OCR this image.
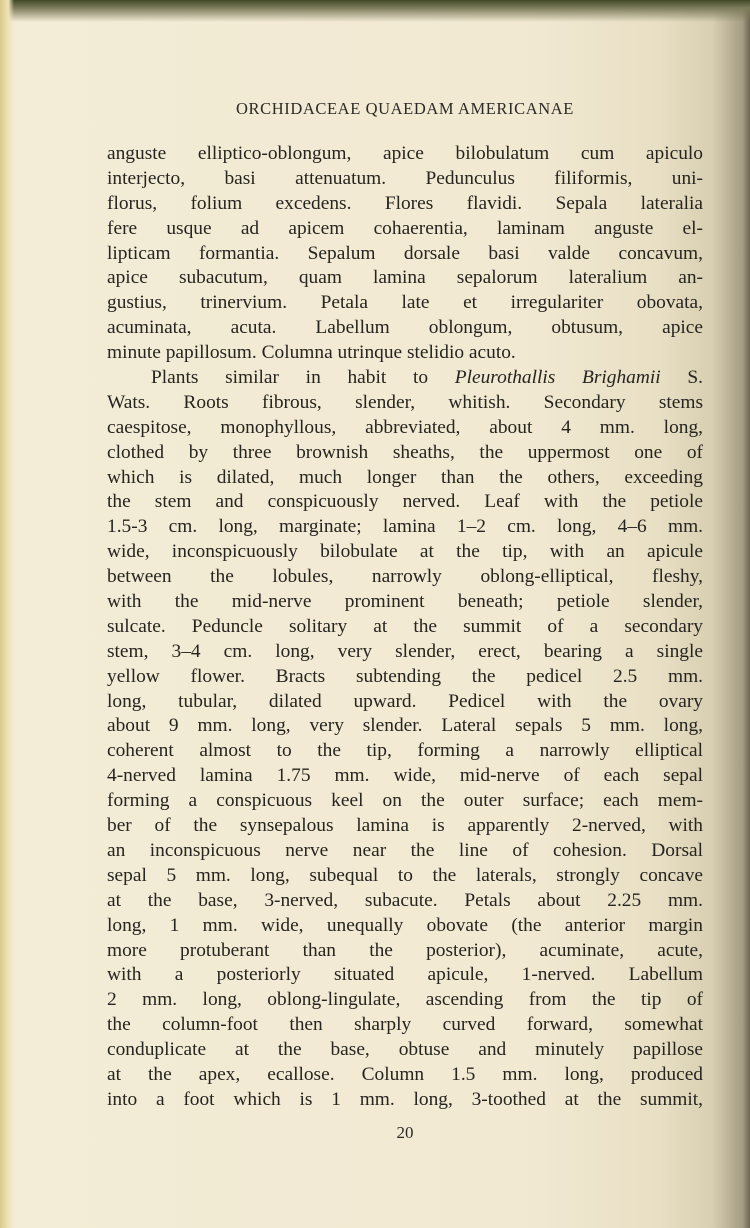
ORCHIDACEAE QUAEDAM AMERICANAE
anguste elliptico-oblongum, apice bilobulatum cum apiculo
interjecto, basi attenuatum. Pedunculus filiformis, uni-
florus, folium excedens. Flores flavidi. Sepala lateralia
fere usque ad apicem cohaerentia, laminam anguste el-
lipticam formantia. Sepalum dorsale basi valde concavum,
apice subacutum, quam lamina sepalorum lateralium an-
gustius, trinervium. Petala late et irregulariter obovata,
acuminata, acuta. Labellum oblongum, obtusum, apice
minute papillosum. Columna utrinque stelidio acuto.
Plants similar in habit to Pleurothallis Brighamii S.
Wats. Roots fibrous, slender, whitish. Secondary stems
caespitose, monophyllous, abbreviated, about 4 mm. long,
clothed by three brownish sheaths, the uppermost one of
which is dilated, much longer than the others, exceeding
the stem and conspicuously nerved. Leaf with the petiole
1.5-3 cm. long, marginate; lamina 1–2 cm. long, 4–6 mm.
wide, inconspicuously bilobulate at the tip, with an apicule
between the lobules, narrowly oblong-elliptical, fleshy,
with the mid-nerve prominent beneath; petiole slender,
sulcate. Peduncle solitary at the summit of a secondary
stem, 3–4 cm. long, very slender, erect, bearing a single
yellow flower. Bracts subtending the pedicel 2.5 mm.
long, tubular, dilated upward. Pedicel with the ovary
about 9 mm. long, very slender. Lateral sepals 5 mm. long,
coherent almost to the tip, forming a narrowly elliptical
4-nerved lamina 1.75 mm. wide, mid-nerve of each sepal
forming a conspicuous keel on the outer surface; each mem-
ber of the synsepalous lamina is apparently 2-nerved, with
an inconspicuous nerve near the line of cohesion. Dorsal
sepal 5 mm. long, subequal to the laterals, strongly concave
at the base, 3-nerved, subacute. Petals about 2.25 mm.
long, 1 mm. wide, unequally obovate (the anterior margin
more protuberant than the posterior), acuminate, acute,
with a posteriorly situated apicule, 1-nerved. Labellum
2 mm. long, oblong-lingulate, ascending from the tip of
the column-foot then sharply curved forward, somewhat
conduplicate at the base, obtuse and minutely papillose
at the apex, ecallose. Column 1.5 mm. long, produced
into a foot which is 1 mm. long, 3-toothed at the summit,
20
